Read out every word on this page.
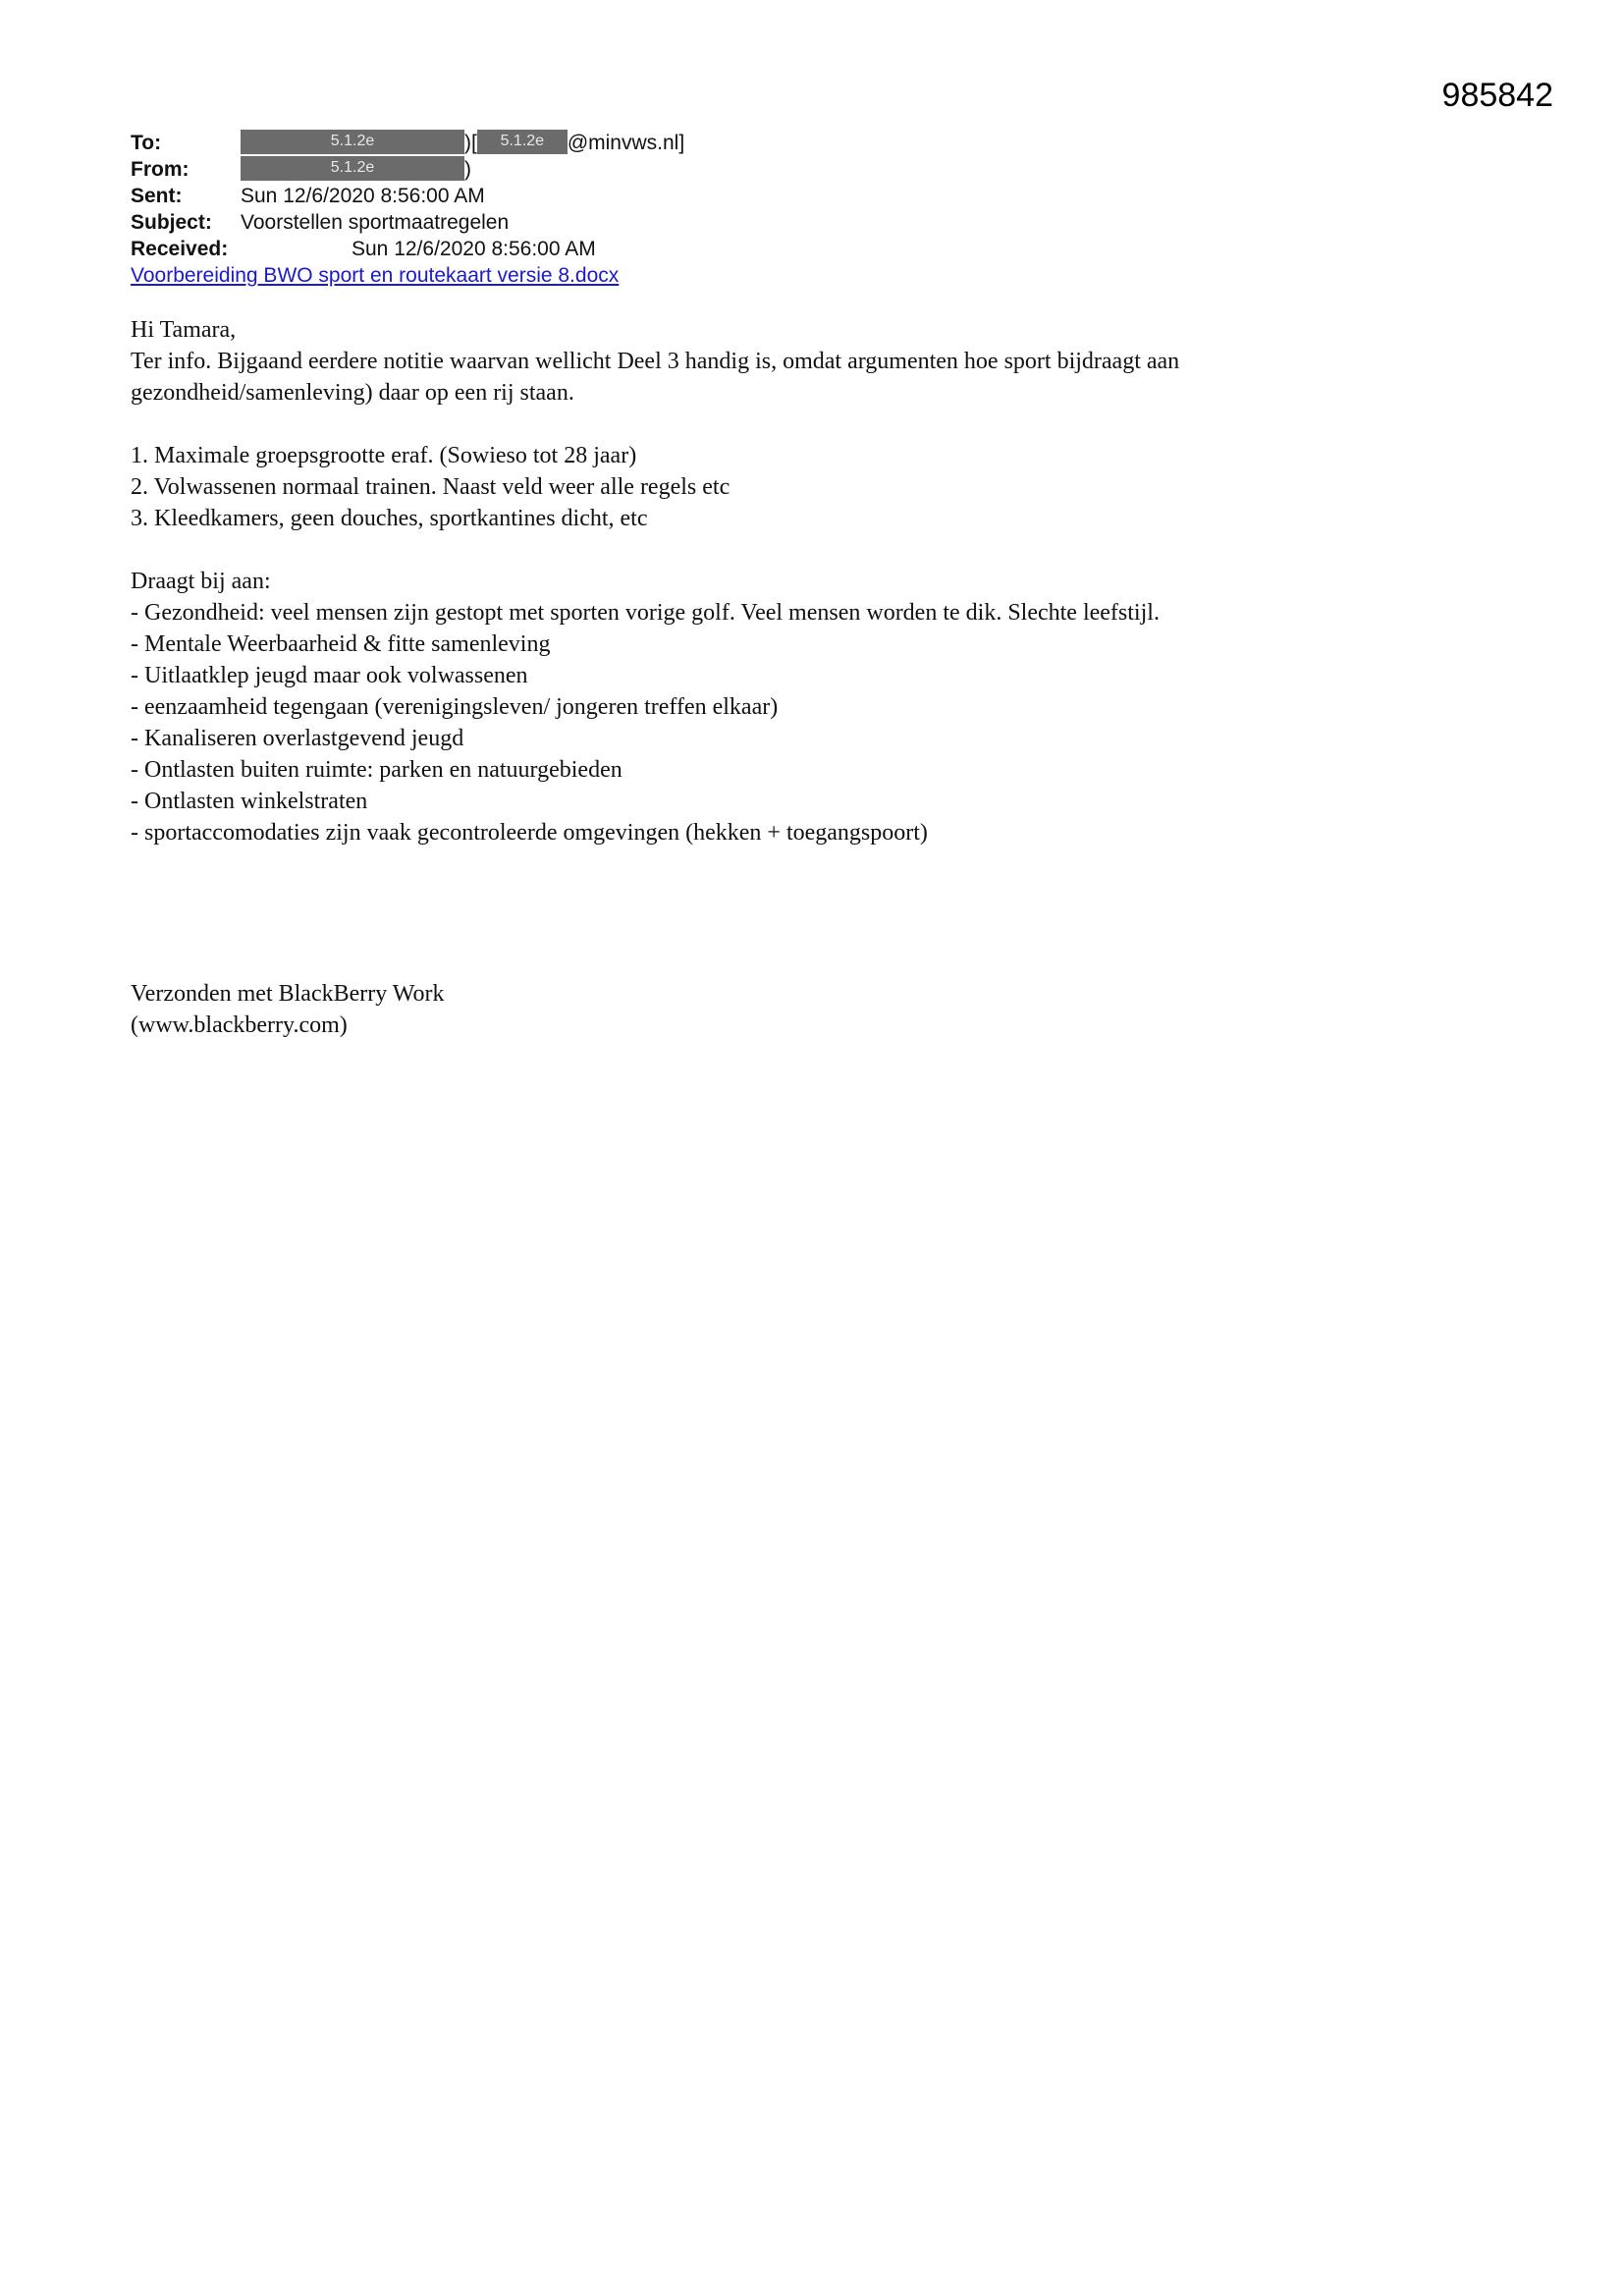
985842
To:	5.1.2e	)[ 5.1.2e @minvws.nl]
From:	5.1.2e	)
Sent:	Sun 12/6/2020 8:56:00 AM
Subject: Voorstellen sportmaatregelen
Received:	Sun 12/6/2020 8:56:00 AM
Voorbereiding BWO sport en routekaart versie 8.docx

Hi Tamara,

Ter info. Bijgaand eerdere notitie waarvan wellicht Deel 3 handig is, omdat argumenten hoe sport bijdraagt aan

gezondheid/samenleving) daar op een rij staan.

1. Maximale groepsgrootte eraf. (Sowieso tot 28 jaar)

2. Volwassenen normaal trainen. Naast veld weer alle regels etc

3. Kleedkamers, geen douches, sportkantines dicht, etc

Draagt bij aan:

- Gezondheid: veel mensen zijn gestopt met sporten vorige golf. Veel mensen worden te dik. Slechte leefstijl.

- Mentale Weerbaarheid & fitte samenleving

- Uitlaatklep jeugd maar ook volwassenen

- eenzaamheid tegengaan (verenigingsleven/ jongeren treffen elkaar)

- Kanaliseren overlastgevend jeugd

- Ontlasten buiten ruimte: parken en natuurgebieden

- Ontlasten winkelstraten

- sportaccomodaties zijn vaak gecontroleerde omgevingen (hekken + toegangspoort)

Verzonden met BlackBerry Work
(www.blackberry.com)
